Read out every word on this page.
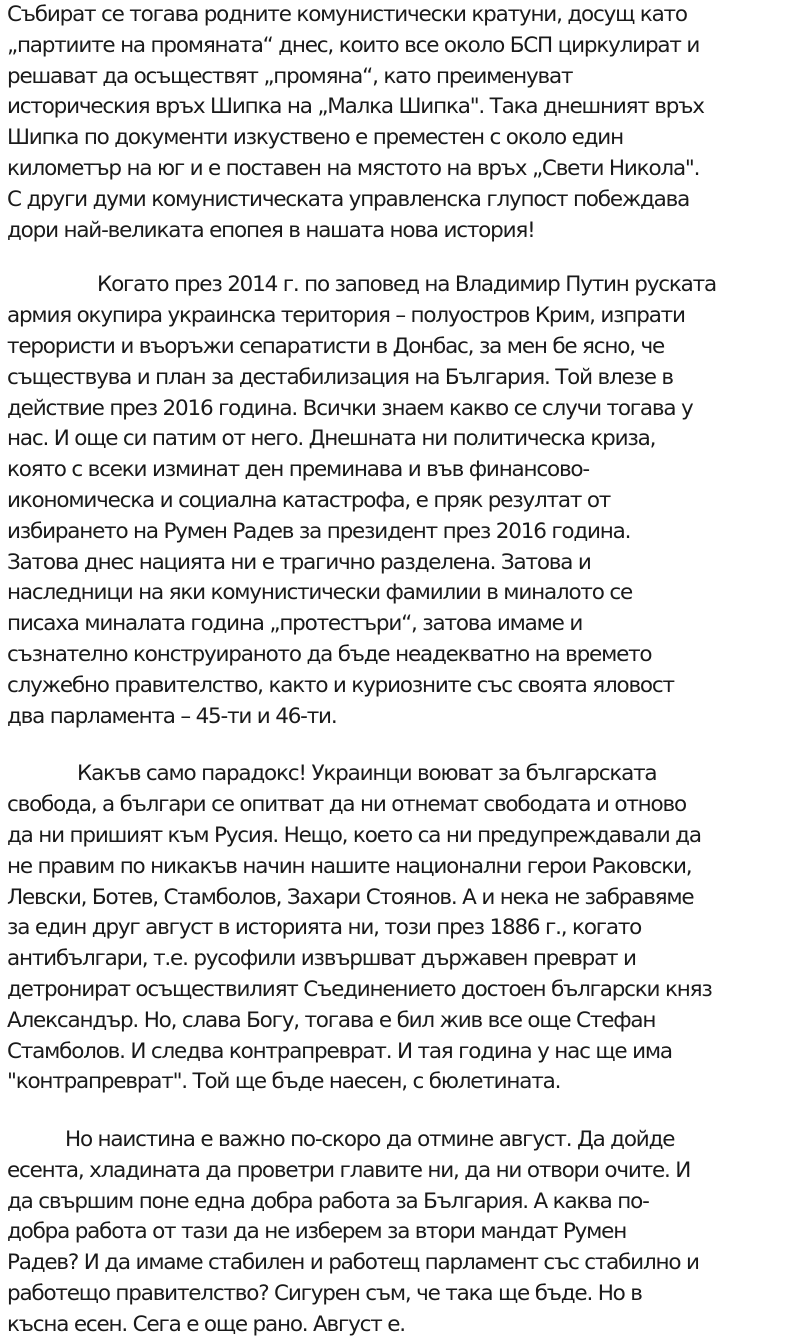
Събират се тогава родните комунистически кратуни, досущ като
„партиите на промяната“ днес, които все около БСП циркулират и
решават да осъществят „промяна“, като преименуват
историческия връх Шипка на „Малка Шипка". Така днешният връх
Шипка по документи изкуствено е преместен с около един
километър на юг и е поставен на мястото на връх „Свети Никола".
С други думи комунистическата управленска глупост побеждава
дори най-великата епопея в нашата нова история!

Когато през 2014 г. по заповед на Владимир Путин руската
армия окупира украинска територия – полуостров Крим, изпрати
терористи и въоръжи сепаратисти в Донбас, за мен бе ясно, че
съществува и план за дестабилизация на България. Той влезе в
действие през 2016 година. Всички знаем какво се случи тогава у
нас. И още си патим от него. Днешната ни политическа криза,
която с всеки изминат ден преминава и във финансово-
икономическа и социална катастрофа, е пряк резултат от
избирането на Румен Радев за президент през 2016 година.
Затова днес нацията ни е трагично разделена. Затова и
наследници на яки комунистически фамилии в миналото се
писаха миналата година „протестъри“, затова имаме и
съзнателно конструираното да бъде неадекватно на времето
служебно правителство, както и куриозните със своята яловост
два парламента – 45-ти и 46-ти.

Какъв само парадокс! Украинци воюват за българската
свобода, а българи се опитват да ни отнемат свободата и отново
да ни пришият към Русия. Нещо, което са ни предупреждавали да
не правим по никакъв начин нашите национални герои Раковски,
Левски, Ботев, Стамболов, Захари Стоянов. А и нека не забравяме
за един друг август в историята ни, този през 1886 г., когато
антибългари, т.е. русофили извършват държавен преврат и
детронират осъществилият Съединението достоен български княз
Александър. Но, слава Богу, тогава е бил жив все още Стефан
Стамболов. И следва контрапреврат. И тая година у нас ще има
"контрапреврат". Той ще бъде наесен, с бюлетината.

Но наистина е важно по-скоро да отмине август. Да дойде
есента, хладината да проветри главите ни, да ни отвори очите. И
да свършим поне една добра работа за България. А каква по-
добра работа от тази да не изберем за втори мандат Румен
Радев? И да имаме стабилен и работещ парламент със стабилно и
работещо правителство? Сигурен съм, че така ще бъде. Но в
късна есен. Сега е още рано. Август е.
